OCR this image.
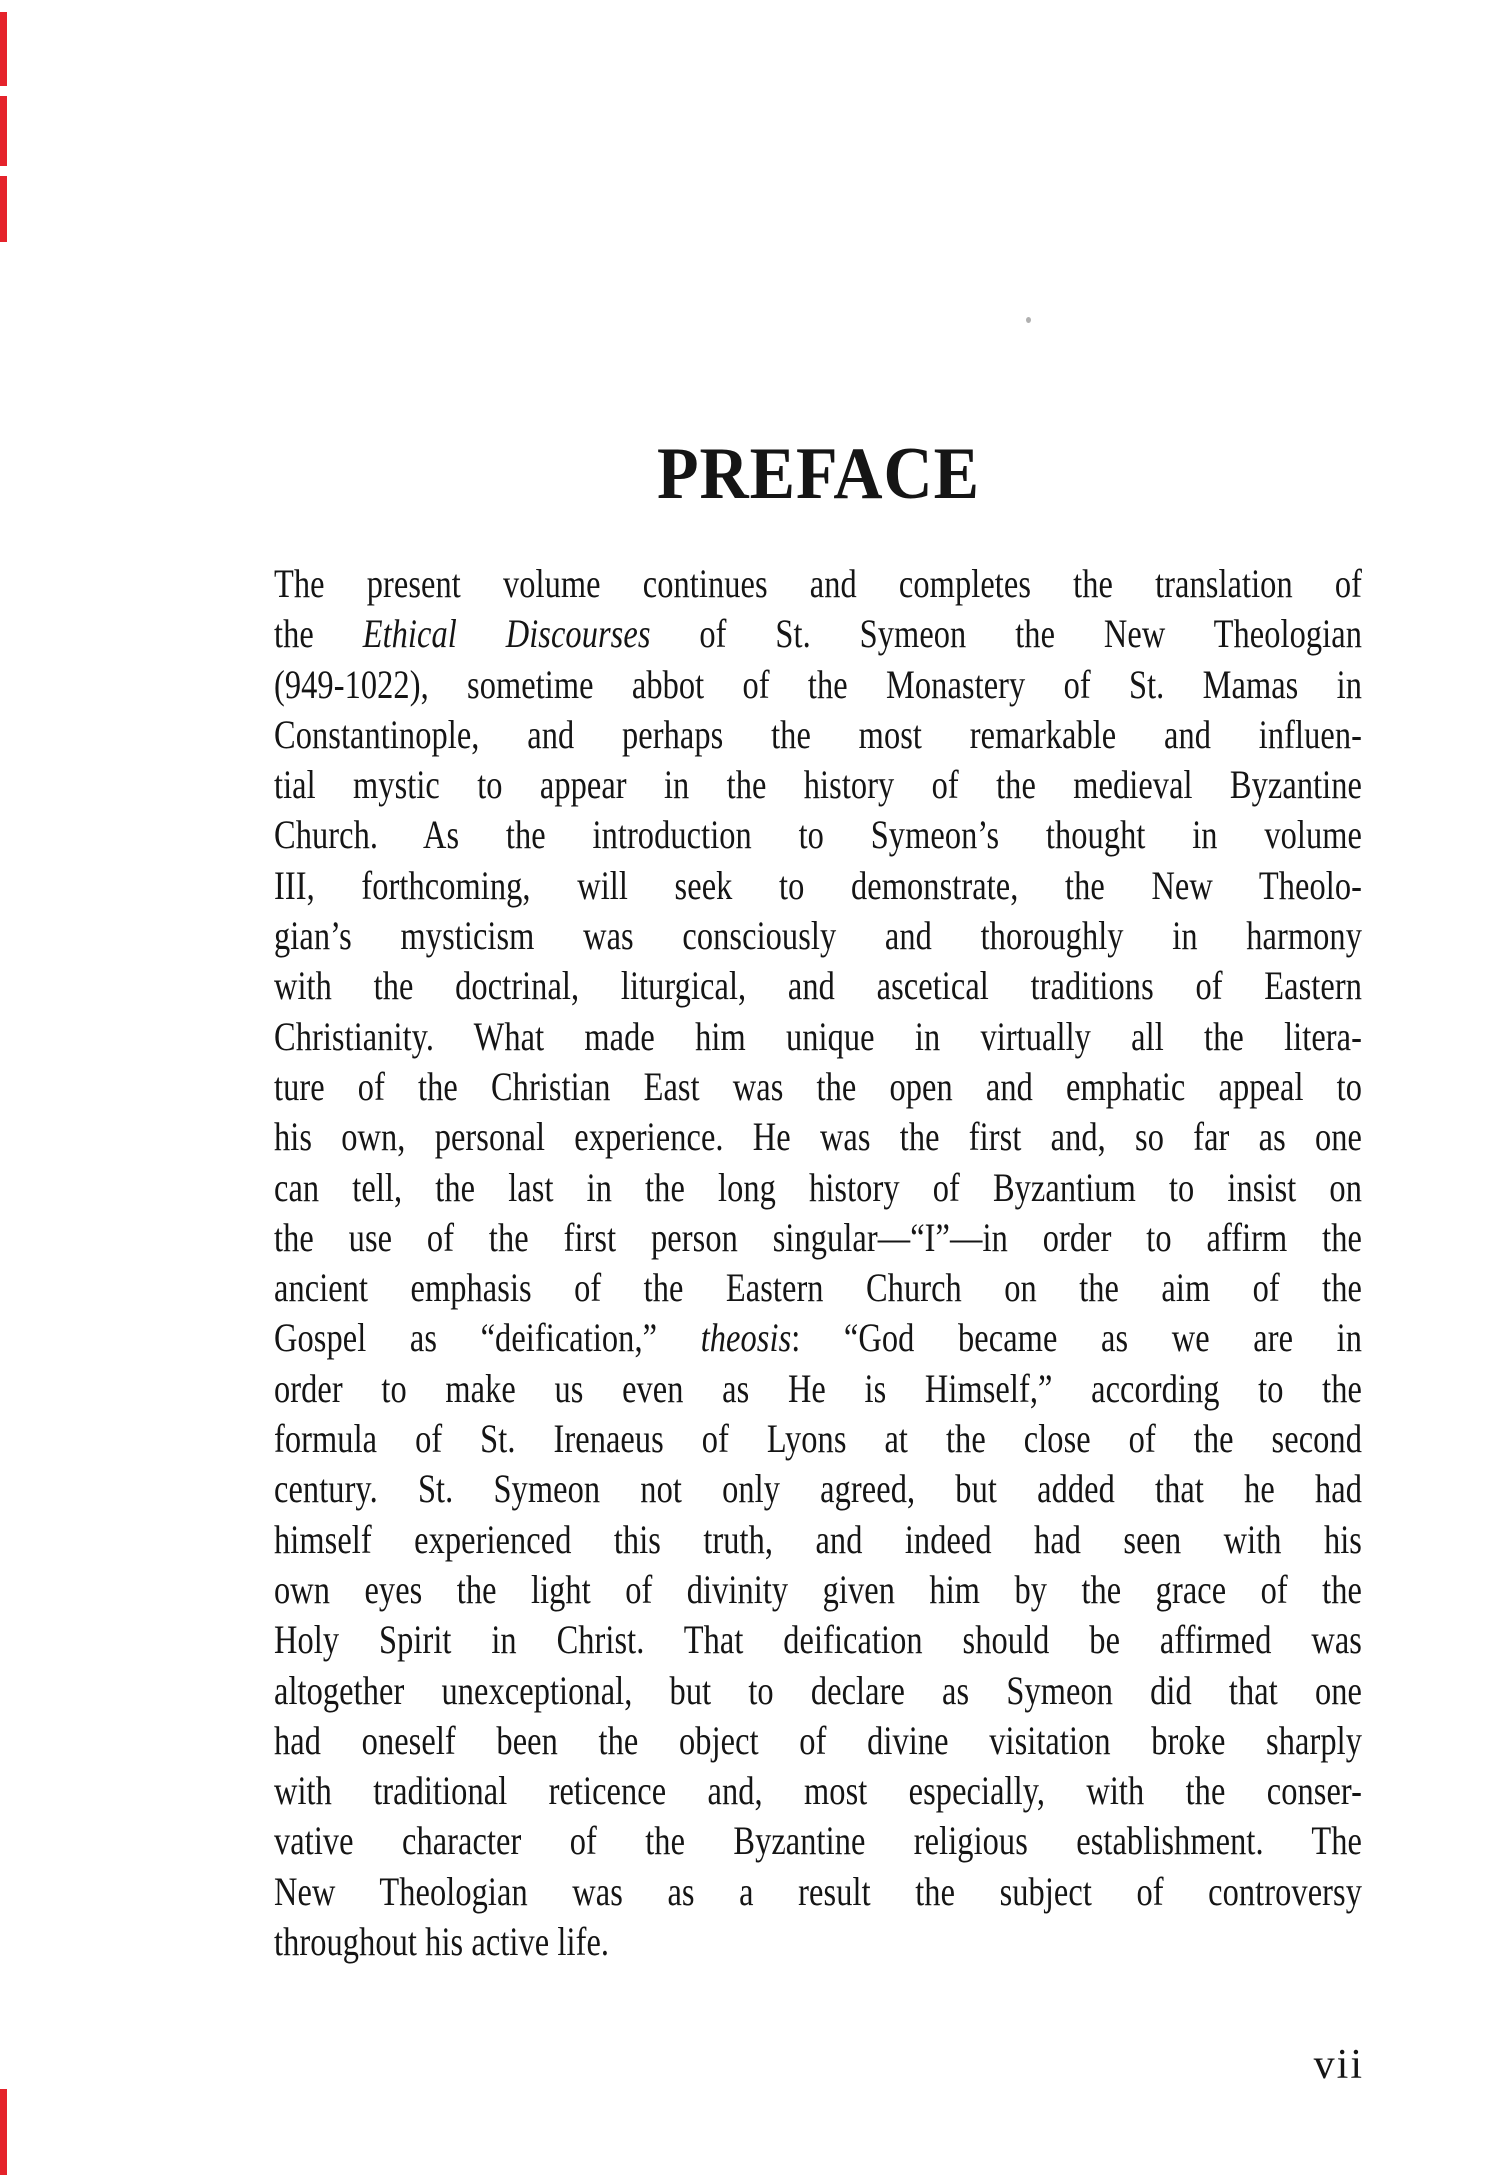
PREFACE
The present volume continues and completes the translation of
the Ethical Discourses of St. Symeon the New Theologian
(949-1022), sometime abbot of the Monastery of St. Mamas in
Constantinople, and perhaps the most remarkable and influen-
tial mystic to appear in the history of the medieval Byzantine
Church. As the introduction to Symeon’s thought in volume
III, forthcoming, will seek to demonstrate, the New Theolo-
gian’s mysticism was consciously and thoroughly in harmony
with the doctrinal, liturgical, and ascetical traditions of Eastern
Christianity. What made him unique in virtually all the litera-
ture of the Christian East was the open and emphatic appeal to
his own, personal experience. He was the first and, so far as one
can tell, the last in the long history of Byzantium to insist on
the use of the first person singular—“I”—in order to affirm the
ancient emphasis of the Eastern Church on the aim of the
Gospel as “deification,” theosis: “God became as we are in
order to make us even as He is Himself,” according to the
formula of St. Irenaeus of Lyons at the close of the second
century. St. Symeon not only agreed, but added that he had
himself experienced this truth, and indeed had seen with his
own eyes the light of divinity given him by the grace of the
Holy Spirit in Christ. That deification should be affirmed was
altogether unexceptional, but to declare as Symeon did that one
had oneself been the object of divine visitation broke sharply
with traditional reticence and, most especially, with the conser-
vative character of the Byzantine religious establishment. The
New Theologian was as a result the subject of controversy
throughout his active life.
vii
